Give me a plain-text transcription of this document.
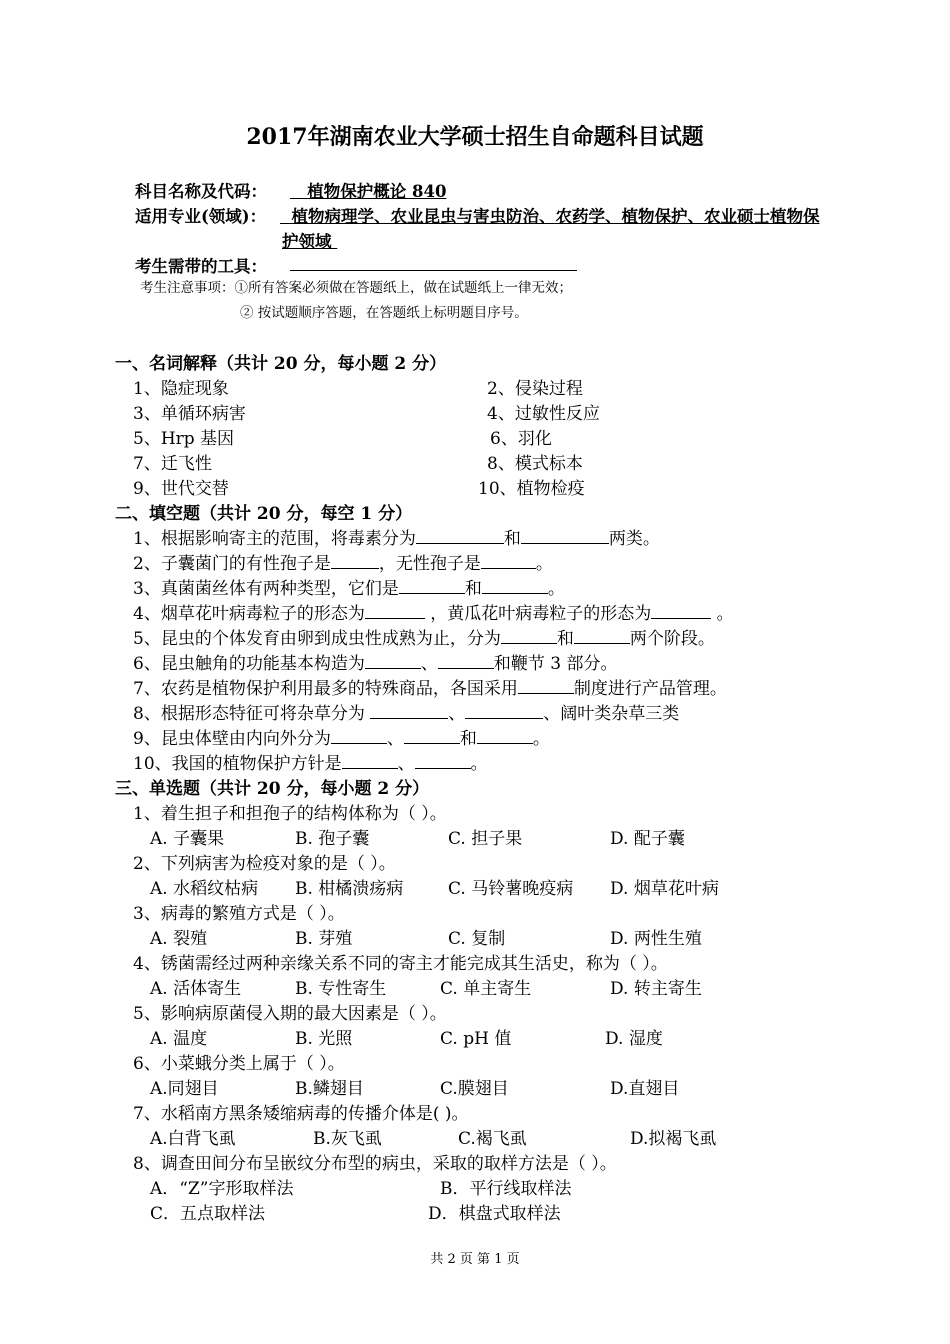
2017年湖南农业大学硕士招生自命题科目试题
科目名称及代码：	植物保护概论 840
适用专业(领域)：	植物病理学、农业昆虫与害虫防治、农药学、植物保护、农业硕士植物保
护领域
考生需带的工具：
考生注意事项：①所有答案必须做在答题纸上，做在试题纸上一律无效；
② 按试题顺序答题，在答题纸上标明题目序号。
一、名词解释（共计 20 分，每小题 2 分）
1、隐症现象	2、侵染过程
3、单循环病害	4、过敏性反应
5、Hrp 基因	6、羽化
7、迁飞性	8、模式标本
9、世代交替	10、植物检疫
二、填空题（共计 20 分，每空 1 分）
1、根据影响寄主的范围，将毒素分为	和	两类。
2、子囊菌门的有性孢子是	，无性孢子是	。
3、真菌菌丝体有两种类型，它们是	和	。
4、烟草花叶病毒粒子的形态为	，黄瓜花叶病毒粒子的形态为	。
5、昆虫的个体发育由卵到成虫性成熟为止，分为	和	两个阶段。
6、昆虫触角的功能基本构造为	、	和鞭节 3 部分。
7、农药是植物保护利用最多的特殊商品，各国采用	制度进行产品管理。
8、根据形态特征可将杂草分为	、	、阔叶类杂草三类
9、昆虫体壁由内向外分为	、	和	。
10、我国的植物保护方针是	、	。
三、单选题（共计 20 分，每小题 2 分）
1、着生担子和担孢子的结构体称为（ ）。
A. 子囊果	B. 孢子囊	C. 担子果	D. 配子囊
2、下列病害为检疫对象的是（ ）。
A. 水稻纹枯病 B. 柑橘溃疡病	C. 马铃薯晚疫病 D. 烟草花叶病
3、病毒的繁殖方式是（ ）。
A. 裂殖	B. 芽殖	C. 复制	D. 两性生殖
4、锈菌需经过两种亲缘关系不同的寄主才能完成其生活史，称为（ ）。
A. 活体寄生	B. 专性寄生	C. 单主寄生	D. 转主寄生
5、影响病原菌侵入期的最大因素是（ ）。
A. 温度	B. 光照	C. pH 值	D. 湿度
6、小菜蛾分类上属于（ ）。
A.同翅目	B.鳞翅目	C.膜翅目	D.直翅目
7、水稻南方黑条矮缩病毒的传播介体是( )。
A.白背飞虱	B.灰飞虱	C.褐飞虱	D.拟褐飞虱
8、调查田间分布呈嵌纹分布型的病虫，采取的取样方法是（ ）。
A．“Z”字形取样法	B．平行线取样法
C．五点取样法	D．棋盘式取样法
共 2 页 第 1 页
